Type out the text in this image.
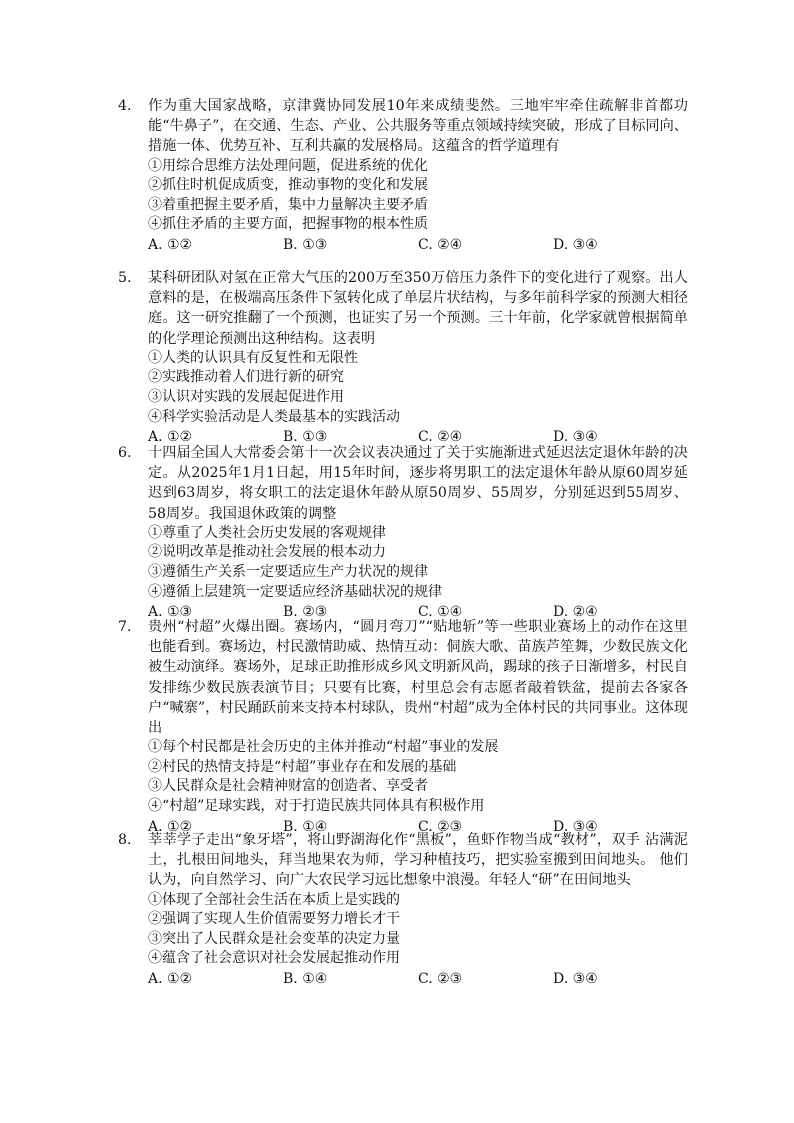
4.	作为重大国家战略，京津冀协同发展10年来成绩斐然。三地牢牢牵住疏解非首都功能“牛鼻子”，在交通、生态、产业、公共服务等重点领域持续突破，形成了目标同向、措施一体、优势互补、互利共赢的发展格局。这蕴含的哲学道理有
①用综合思维方法处理问题，促进系统的优化
②抓住时机促成质变，推动事物的变化和发展
③着重把握主要矛盾，集中力量解决主要矛盾
④抓住矛盾的主要方面，把握事物的根本性质
A. ①②	B. ①③	C. ②④	D. ③④
5.	某科研团队对氢在正常大气压的200万至350万倍压力条件下的变化进行了观察。出人意料的是，在极端高压条件下氢转化成了单层片状结构，与多年前科学家的预测大相径庭。这一研究推翻了一个预测，也证实了另一个预测。三十年前，化学家就曾根据简单的化学理论预测出这种结构。这表明
①人类的认识具有反复性和无限性
②实践推动着人们进行新的研究
③认识对实践的发展起促进作用
④科学实验活动是人类最基本的实践活动
A. ①②	B. ①③	C. ②④	D. ③④
6.	十四届全国人大常委会第十一次会议表决通过了关于实施渐进式延迟法定退休年龄的决定。从2025年1月1日起，用15年时间，逐步将男职工的法定退休年龄从原60周岁延迟到63周岁，将女职工的法定退休年龄从原50周岁、55周岁，分别延迟到55周岁、58周岁。我国退休政策的调整
①尊重了人类社会历史发展的客观规律
②说明改革是推动社会发展的根本动力
③遵循生产关系一定要适应生产力状况的规律
④遵循上层建筑一定要适应经济基础状况的规律
A. ①③	B. ②③	C. ①④	D. ②④
7.	贵州“村超”火爆出圈。赛场内，“圆月弯刀”“贴地斩”等一些职业赛场上的动作在这里也能看到。赛场边，村民激情助威、热情互动：侗族大歌、苗族芦笙舞，少数民族文化被生动演绎。赛场外，足球正助推形成乡风文明新风尚，踢球的孩子日渐增多，村民自发排练少数民族表演节目；只要有比赛，村里总会有志愿者敲着铁盆，提前去各家各户“喊寨”，村民踊跃前来支持本村球队，贵州“村超”成为全体村民的共同事业。这体现出
①每个村民都是社会历史的主体并推动“村超”事业的发展
②村民的热情支持是“村超”事业存在和发展的基础
③人民群众是社会精神财富的创造者、享受者
④“村超”足球实践，对于打造民族共同体具有积极作用
A. ①②	B. ①④	C. ②③	D. ③④
8.	莘莘学子走出“象牙塔”，将山野湖海化作“黑板”，鱼虾作物当成“教材”，双手 沾满泥土，扎根田间地头，拜当地果农为师，学习种植技巧，把实验室搬到田间地头。 他们认为，向自然学习、向广大农民学习远比想象中浪漫。年轻人“研”在田间地头
①体现了全部社会生活在本质上是实践的
②强调了实现人生价值需要努力增长才干
③突出了人民群众是社会变革的决定力量
④蕴含了社会意识对社会发展起推动作用
A. ①②	B. ①④	C. ②③	D. ③④
